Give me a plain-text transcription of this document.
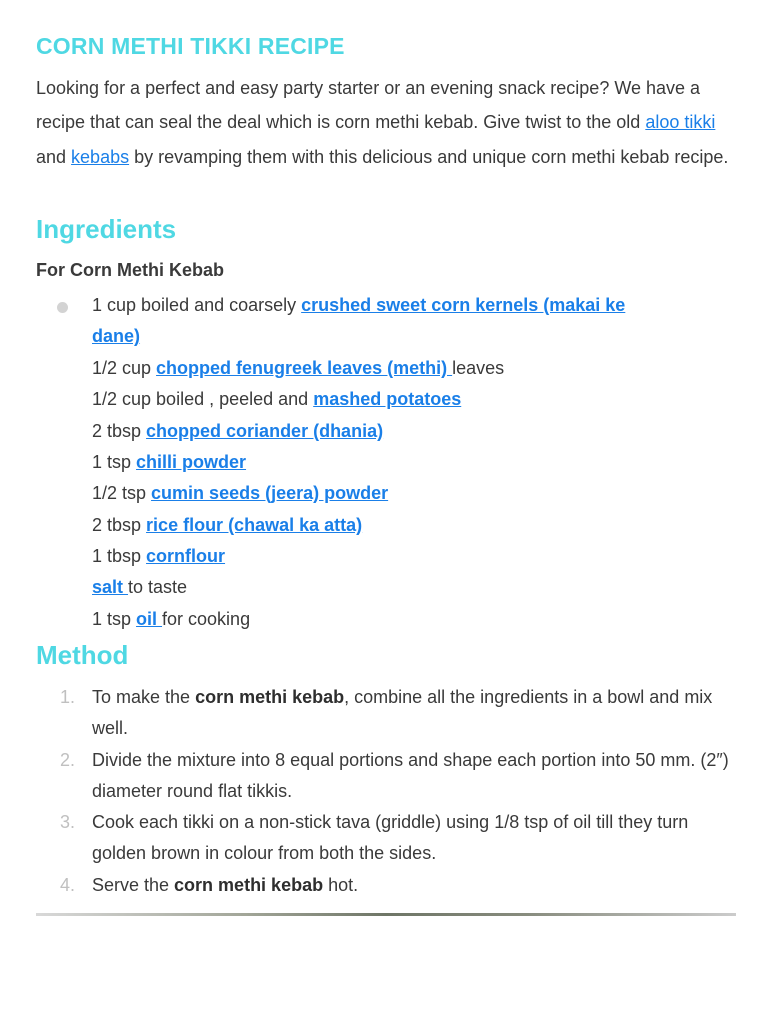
CORN METHI TIKKI RECIPE
Looking for a perfect and easy party starter or an evening snack recipe? We have a recipe that can seal the deal which is corn methi kebab. Give twist to the old aloo tikki and kebabs by revamping them with this delicious and unique corn methi kebab recipe.
Ingredients
For Corn Methi Kebab
1 cup boiled and coarsely crushed sweet corn kernels (makai ke
dane)
1/2 cup chopped fenugreek leaves (methi) leaves
1/2 cup boiled , peeled and mashed potatoes
2 tbsp chopped coriander (dhania)
1 tsp chilli powder
1/2 tsp cumin seeds (jeera) powder
2 tbsp rice flour (chawal ka atta)
1 tbsp cornflour
salt to taste
1 tsp oil for cooking
Method
1. To make the corn methi kebab, combine all the ingredients in a bowl and mix well.
2. Divide the mixture into 8 equal portions and shape each portion into 50 mm. (2″) diameter round flat tikkis.
3. Cook each tikki on a non-stick tava (griddle) using 1/8 tsp of oil till they turn golden brown in colour from both the sides.
4. Serve the corn methi kebab hot.
